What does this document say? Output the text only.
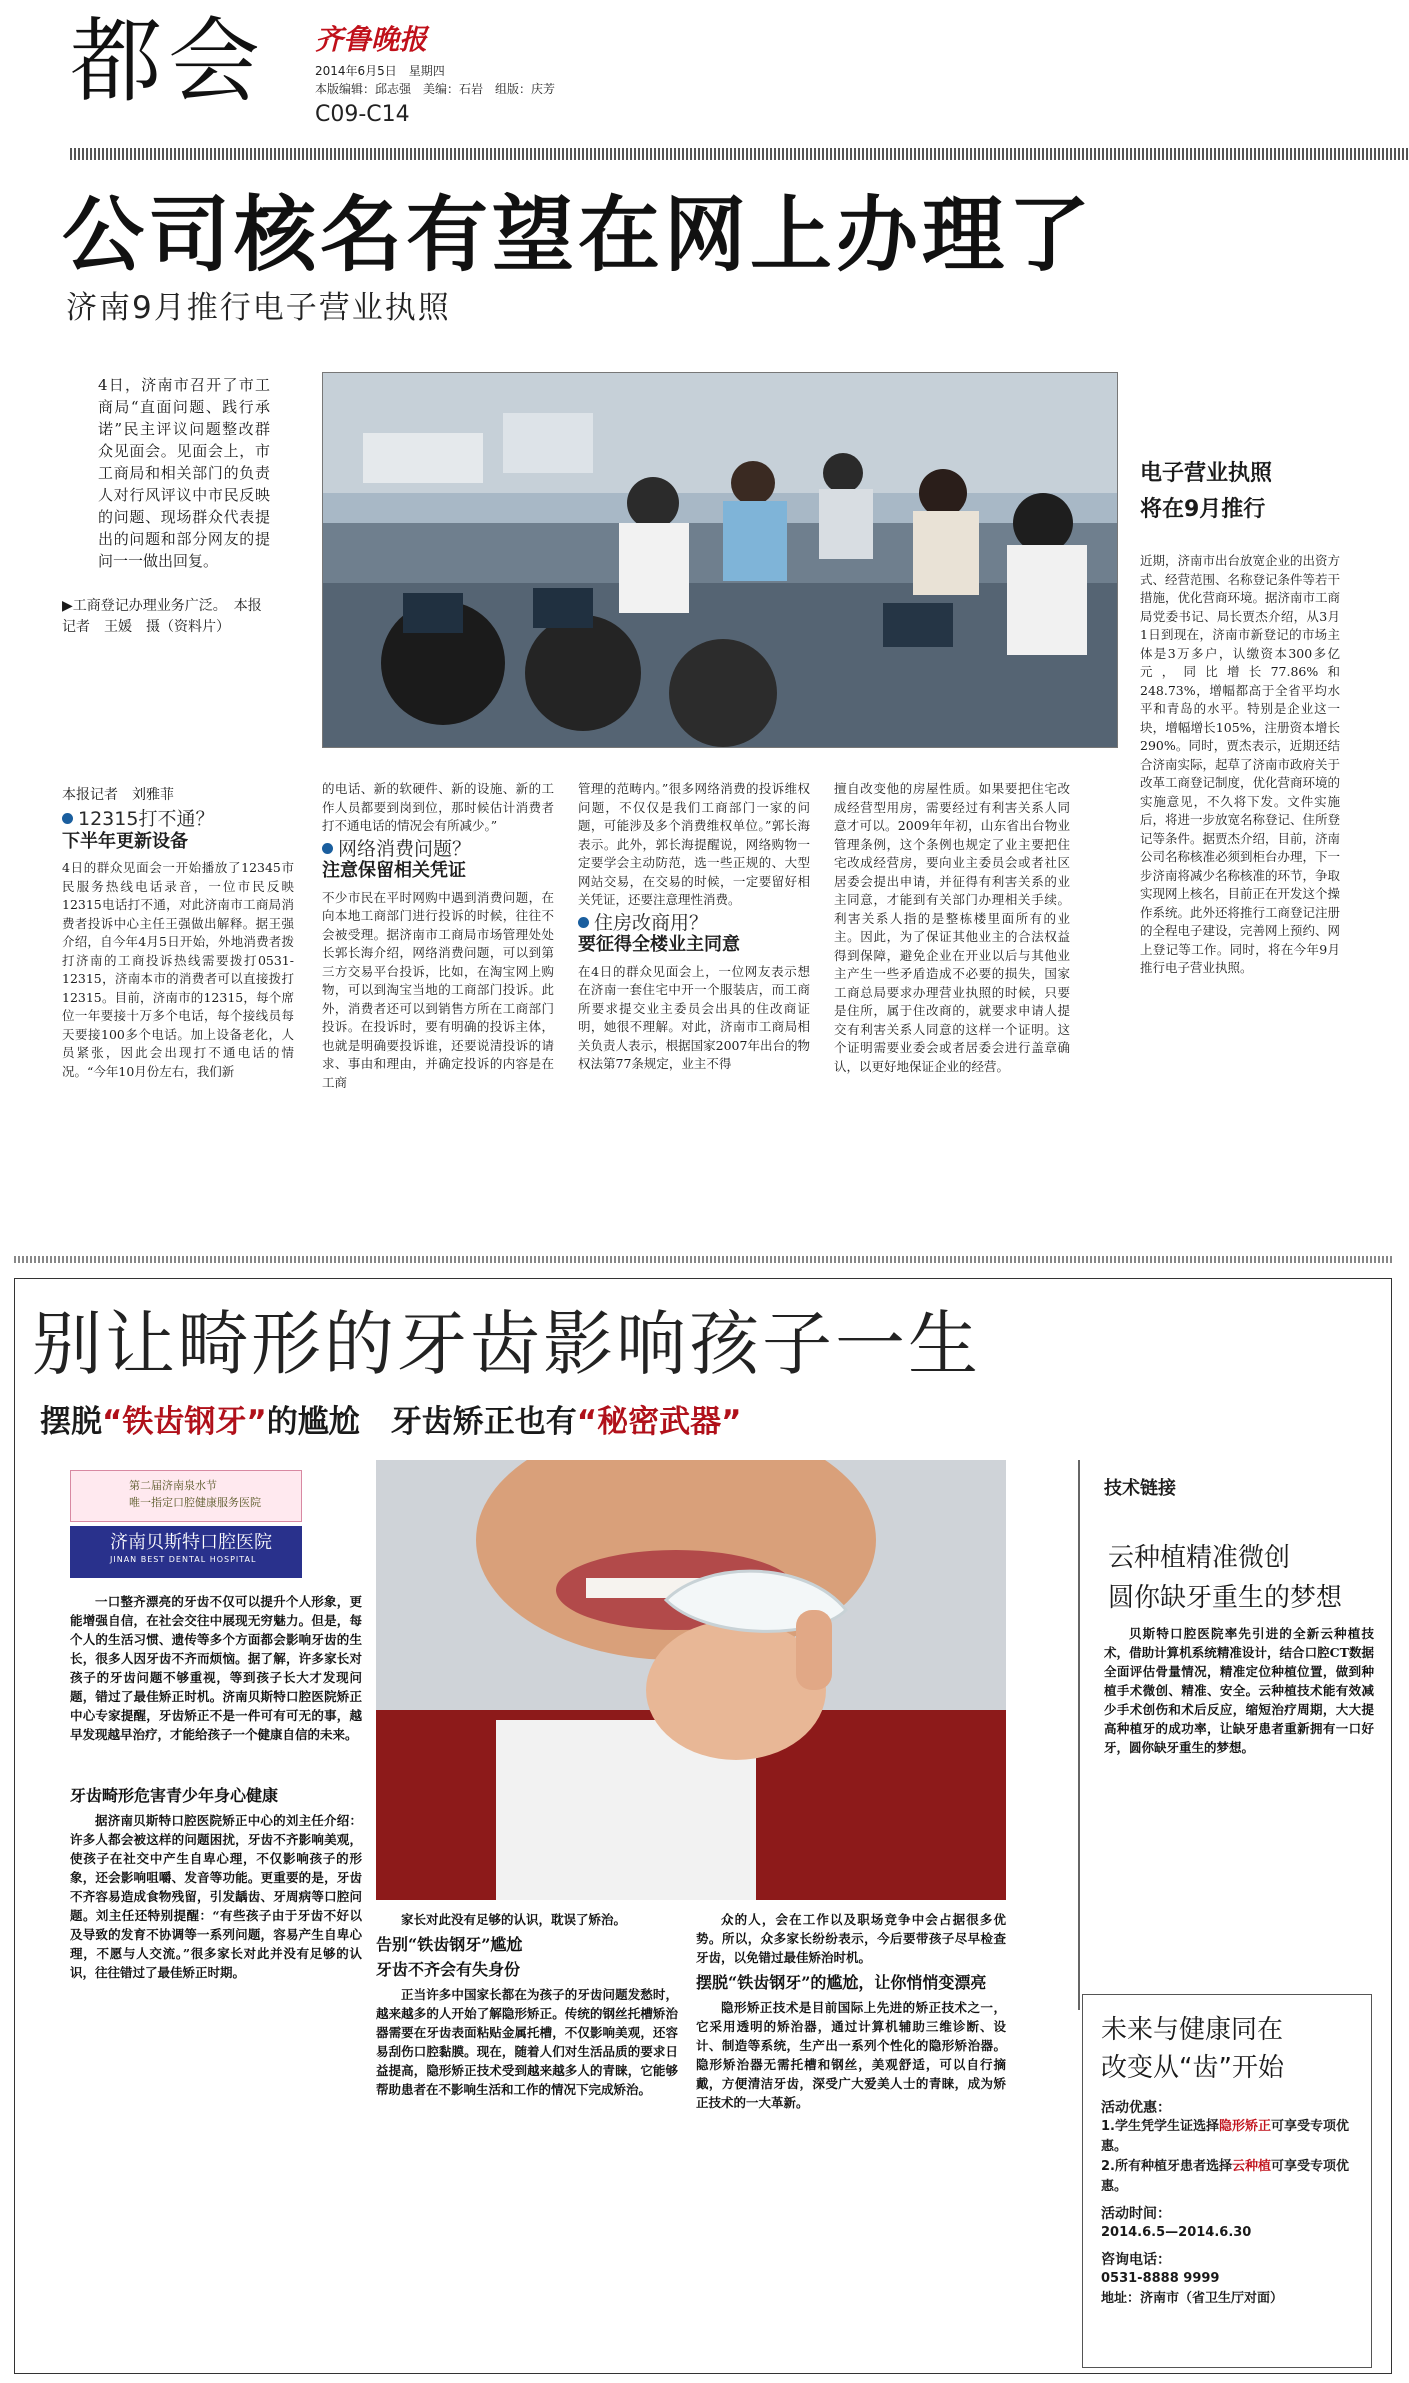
都会 齐鲁晚报
2014年6月5日　星期四
本版编辑：邱志强　美编：石岩　组版：庆芳
C09-C14
公司核名有望在网上办理了
济南9月推行电子营业执照
4日，济南市召开了市工商局“直面问题、践行承诺”民主评议问题整改群众见面会。见面会上，市工商局和相关部门的负责人对行风评议中市民反映的问题、现场群众代表提出的问题和部分网友的提问一一做出回复。
▶工商登记办理业务广泛。　本报记者　王媛　摄（资料片）
电子营业执照
将在9月推行
近期，济南市出台放宽企业的出资方式、经营范围、名称登记条件等若干措施，优化营商环境。据济南市工商局党委书记、局长贾杰介绍，从3月1日到现在，济南市新登记的市场主体是3万多户，认缴资本300多亿元，同比增长77.86%和248.73%，增幅都高于全省平均水平和青岛的水平。特别是企业这一块，增幅增长105%，注册资本增长290%。同时，贾杰表示，近期还结合济南实际，起草了济南市政府关于改革工商登记制度，优化营商环境的实施意见，不久将下发。文件实施后，将进一步放宽名称登记、住所登记等条件。据贾杰介绍，目前，济南公司名称核准必须到柜台办理，下一步济南将减少名称核准的环节，争取实现网上核名，目前正在开发这个操作系统。此外还将推行工商登记注册的全程电子建设，完善网上预约、网上登记等工作。同时，将在今年9月推行电子营业执照。
本报记者　刘雅菲
12315打不通？
下半年更新设备
4日的群众见面会一开始播放了12345市民服务热线电话录音，一位市民反映12315电话打不通，对此济南市工商局消费者投诉中心主任王强做出解释。据王强介绍，自今年4月5日开始，外地消费者拨打济南的工商投诉热线需要拨打0531-12315，济南本市的消费者可以直接拨打12315。目前，济南市的12315，每个席位一年要接十万多个电话，每个接线员每天要接100多个电话。加上设备老化，人员紧张，因此会出现打不通电话的情况。“今年10月份左右，我们新
的电话、新的软硬件、新的设施、新的工作人员都要到岗到位，那时候估计消费者打不通电话的情况会有所减少。”
网络消费问题？
注意保留相关凭证
不少市民在平时网购中遇到消费问题，在向本地工商部门进行投诉的时候，往往不会被受理。据济南市工商局市场管理处处长郭长海介绍，网络消费问题，可以到第三方交易平台投诉，比如，在淘宝网上购物，可以到淘宝当地的工商部门投诉。此外，消费者还可以到销售方所在工商部门投诉。在投诉时，要有明确的投诉主体，也就是明确要投诉谁，还要说清投诉的请求、事由和理由，并确定投诉的内容是在工商
管理的范畴内。”很多网络消费的投诉维权问题，不仅仅是我们工商部门一家的问题，可能涉及多个消费维权单位。”郭长海表示。此外，郭长海提醒说，网络购物一定要学会主动防范，选一些正规的、大型网站交易，在交易的时候，一定要留好相关凭证，还要注意理性消费。
住房改商用？
要征得全楼业主同意
在4日的群众见面会上，一位网友表示想在济南一套住宅中开一个服装店，而工商所要求提交业主委员会出具的住改商证明，她很不理解。对此，济南市工商局相关负责人表示，根据国家2007年出台的物权法第77条规定，业主不得
擅自改变他的房屋性质。如果要把住宅改成经营型用房，需要经过有利害关系人同意才可以。2009年年初，山东省出台物业管理条例，这个条例也规定了业主要把住宅改成经营房，要向业主委员会或者社区居委会提出申请，并征得有利害关系的业主同意，才能到有关部门办理相关手续。利害关系人指的是整栋楼里面所有的业主。因此，为了保证其他业主的合法权益得到保障，避免企业在开业以后与其他业主产生一些矛盾造成不必要的损失，国家工商总局要求办理营业执照的时候，只要是住所，属于住改商的，就要求申请人提交有利害关系人同意的这样一个证明。这个证明需要业委会或者居委会进行盖章确认，以更好地保证企业的经营。
别让畸形的牙齿影响孩子一生
摆脱“铁齿钢牙”的尴尬　牙齿矫正也有“秘密武器”
第二届济南泉水节
唯一指定口腔健康服务医院
济南贝斯特口腔医院
JINAN BEST DENTAL HOSPITAL

一口整齐漂亮的牙齿不仅可以提升个人形象，更能增强自信，在社会交往中展现无穷魅力。但是，每个人的生活习惯、遗传等多个方面都会影响牙齿的生长，很多人因牙齿不齐而烦恼。据了解，许多家长对孩子的牙齿问题不够重视，等到孩子长大才发现问题，错过了最佳矫正时机。济南贝斯特口腔医院矫正中心专家提醒，牙齿矫正不是一件可有可无的事，越早发现越早治疗，才能给孩子一个健康自信的未来。

牙齿畸形危害青少年身心健康

据济南贝斯特口腔医院矫正中心的刘主任介绍：许多人都会被这样的问题困扰，牙齿不齐影响美观，使孩子在社交中产生自卑心理，不仅影响孩子的形象，还会影响咀嚼、发音等功能。更重要的是，牙齿不齐容易造成食物残留，引发龋齿、牙周病等口腔问题。刘主任还特别提醒：“有些孩子由于牙齿不好以及导致的发育不协调等一系列问题，容易产生自卑心理，不愿与人交流。”很多家长对此并没有足够的认识，往往错过了最佳矫正时期。

家长对此没有足够的认识，耽误了矫治。

告别“铁齿钢牙”尴尬
牙齿不齐会有失身份

正当许多中国家长都在为孩子的牙齿问题发愁时，越来越多的人开始了解隐形矫正。传统的钢丝托槽矫治器需要在牙齿表面粘贴金属托槽，不仅影响美观，还容易刮伤口腔黏膜。现在，随着人们对生活品质的要求日益提高，隐形矫正技术受到越来越多人的青睐，它能够帮助患者在不影响生活和工作的情况下完成矫治。

众的人，会在工作以及职场竞争中会占据很多优势。所以，众多家长纷纷表示，今后要带孩子尽早检查牙齿，以免错过最佳矫治时机。

摆脱“铁齿钢牙”的尴尬，让你悄悄变漂亮

隐形矫正技术是目前国际上先进的矫正技术之一，它采用透明的矫治器，通过计算机辅助三维诊断、设计、制造等系统，生产出一系列个性化的隐形矫治器。隐形矫治器无需托槽和钢丝，美观舒适，可以自行摘戴，方便清洁牙齿，深受广大爱美人士的青睐，成为矫正技术的一大革新。

技术链接
云种植精准微创
圆你缺牙重生的梦想

贝斯特口腔医院率先引进的全新云种植技术，借助计算机系统精准设计，结合口腔CT数据全面评估骨量情况，精准定位种植位置，做到种植手术微创、精准、安全。云种植技术能有效减少手术创伤和术后反应，缩短治疗周期，大大提高种植牙的成功率，让缺牙患者重新拥有一口好牙，圆你缺牙重生的梦想。

未来与健康同在
改变从“齿”开始
活动优惠：
1.学生凭学生证选择隐形矫正可享受专项优惠。
2.所有种植牙患者选择云种植可享受专项优惠。
活动时间：
2014.6.5—2014.6.30
咨询电话：
0531-8888 9999
地址：济南市（省卫生厅对面）
